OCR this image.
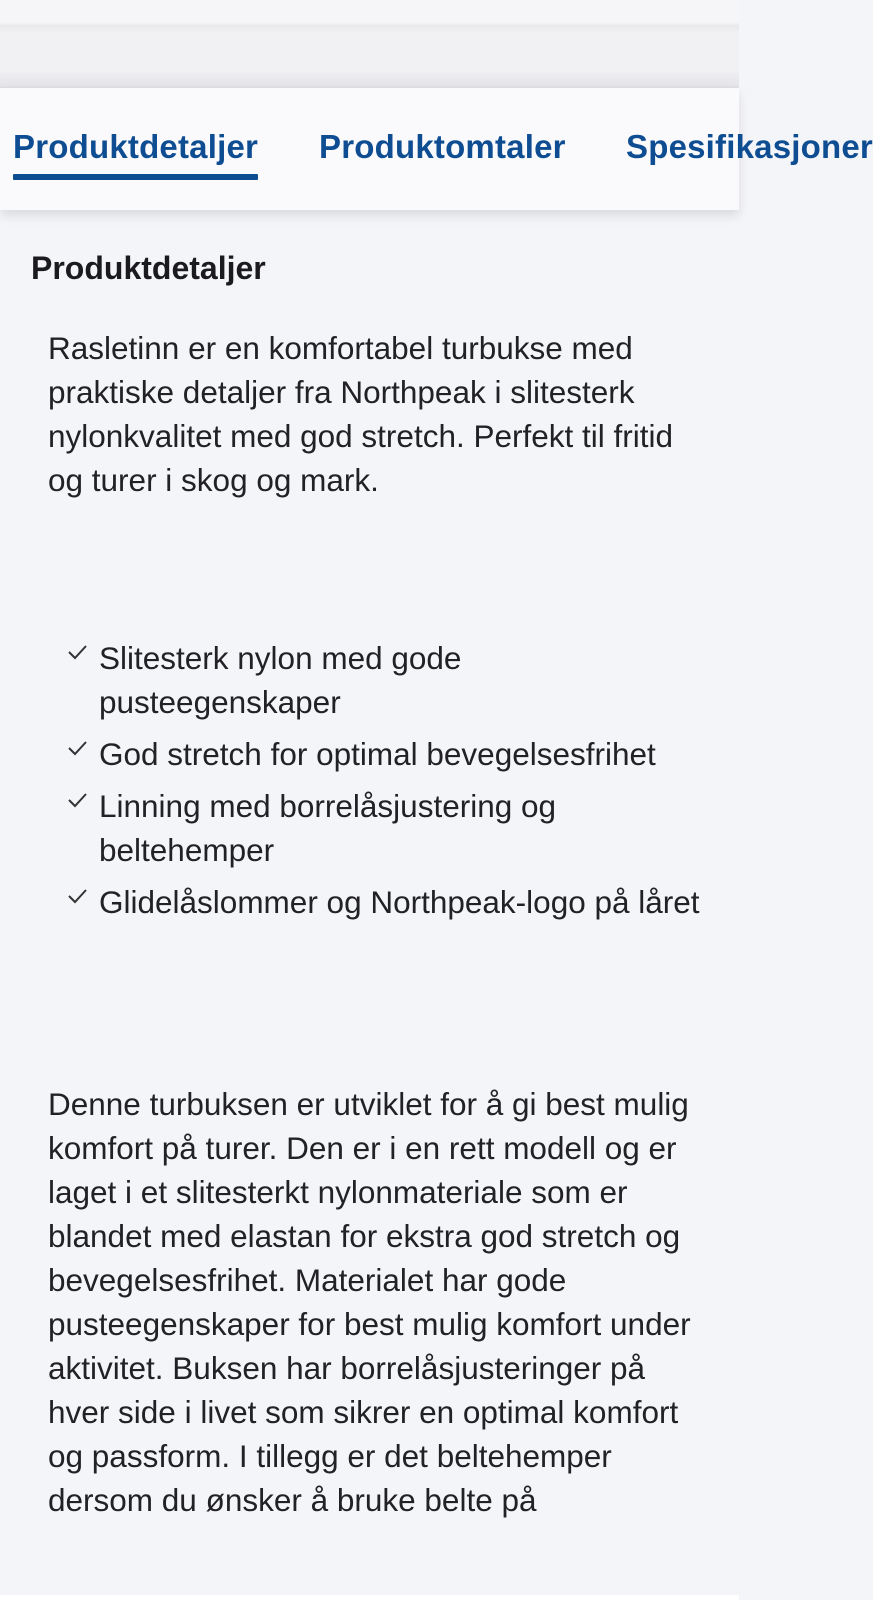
Produktdetaljer Produktomtaler Spesifikasjoner
Produktdetaljer

Rasletinn er en komfortabel turbukse med praktiske detaljer fra Northpeak i slitesterk nylonkvalitet med god stretch. Perfekt til fritid og turer i skog og mark.

Slitesterk nylon med gode pusteegenskaper
God stretch for optimal bevegelsesfrihet
Linning med borrelåsjustering og beltehemper
Glidelåslommer og Northpeak-logo på låret

Denne turbuksen er utviklet for å gi best mulig komfort på turer. Den er i en rett modell og er laget i et slitesterkt nylonmateriale som er blandet med elastan for ekstra god stretch og bevegelsesfrihet. Materialet har gode pusteegenskaper for best mulig komfort under aktivitet. Buksen har borrelåsjusteringer på hver side i livet som sikrer en optimal komfort og passform. I tillegg er det beltehemper dersom du ønsker å bruke belte på
